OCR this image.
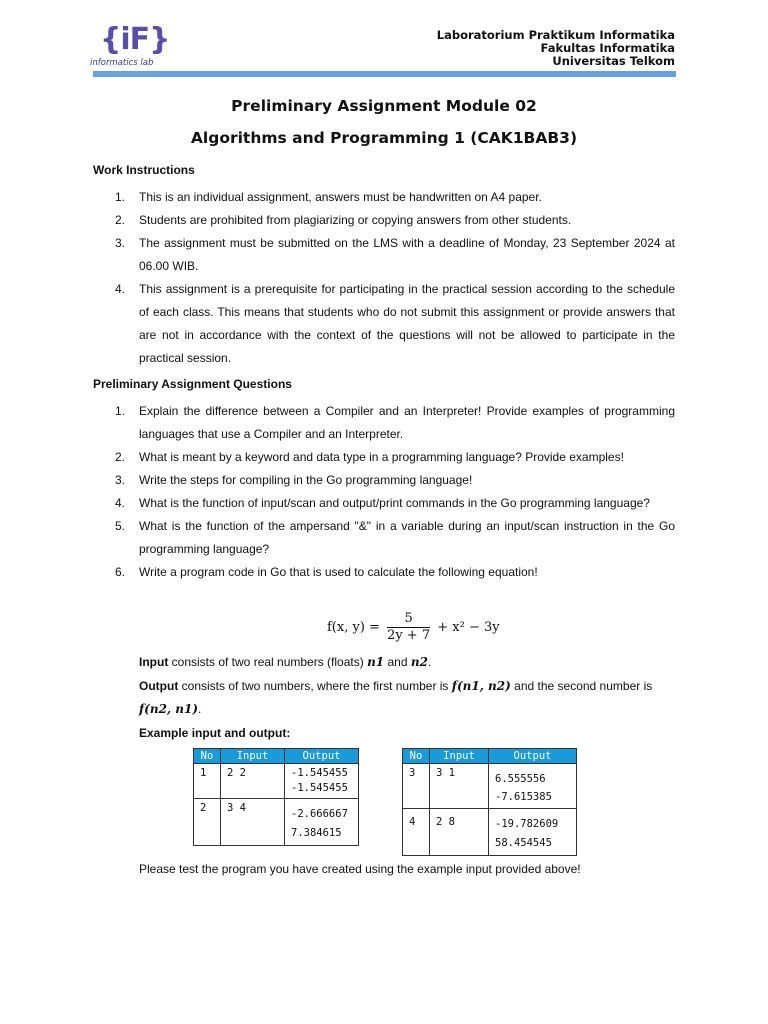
{iF}
informatics lab
Laboratorium Praktikum Informatika
Fakultas Informatika
Universitas Telkom
Preliminary Assignment Module 02
Algorithms and Programming 1 (CAK1BAB3)
Work Instructions
1. This is an individual assignment, answers must be handwritten on A4 paper.
2. Students are prohibited from plagiarizing or copying answers from other students.
3. The assignment must be submitted on the LMS with a deadline of Monday, 23 September 2024 at 06.00 WIB.
4. This assignment is a prerequisite for participating in the practical session according to the schedule of each class. This means that students who do not submit this assignment or provide answers that are not in accordance with the context of the questions will not be allowed to participate in the practical session.
Preliminary Assignment Questions
1. Explain the difference between a Compiler and an Interpreter! Provide examples of programming languages that use a Compiler and an Interpreter.
2. What is meant by a keyword and data type in a programming language? Provide examples!
3. Write the steps for compiling in the Go programming language!
4. What is the function of input/scan and output/print commands in the Go programming language?
5. What is the function of the ampersand "&" in a variable during an input/scan instruction in the Go programming language?
6. Write a program code in Go that is used to calculate the following equation!
f(x, $y) = \frac{5}{2y + 7} + x^2 - 3y$
Input consists of two real numbers (floats) n1 and n2.
Output consists of two numbers, where the first number is f(n1, n2) and the second number is f(n2, n1).
Example input and output:
No	Input	Output
1	2 2	-1.545455
-1.545455

2	3 4	-2.666667
7.384615
No	Input	Output
3	3 1	6.555556
-7.615385

4	2 8	-19.782609
58.454545
Please test the program you have created using the example input provided above!
